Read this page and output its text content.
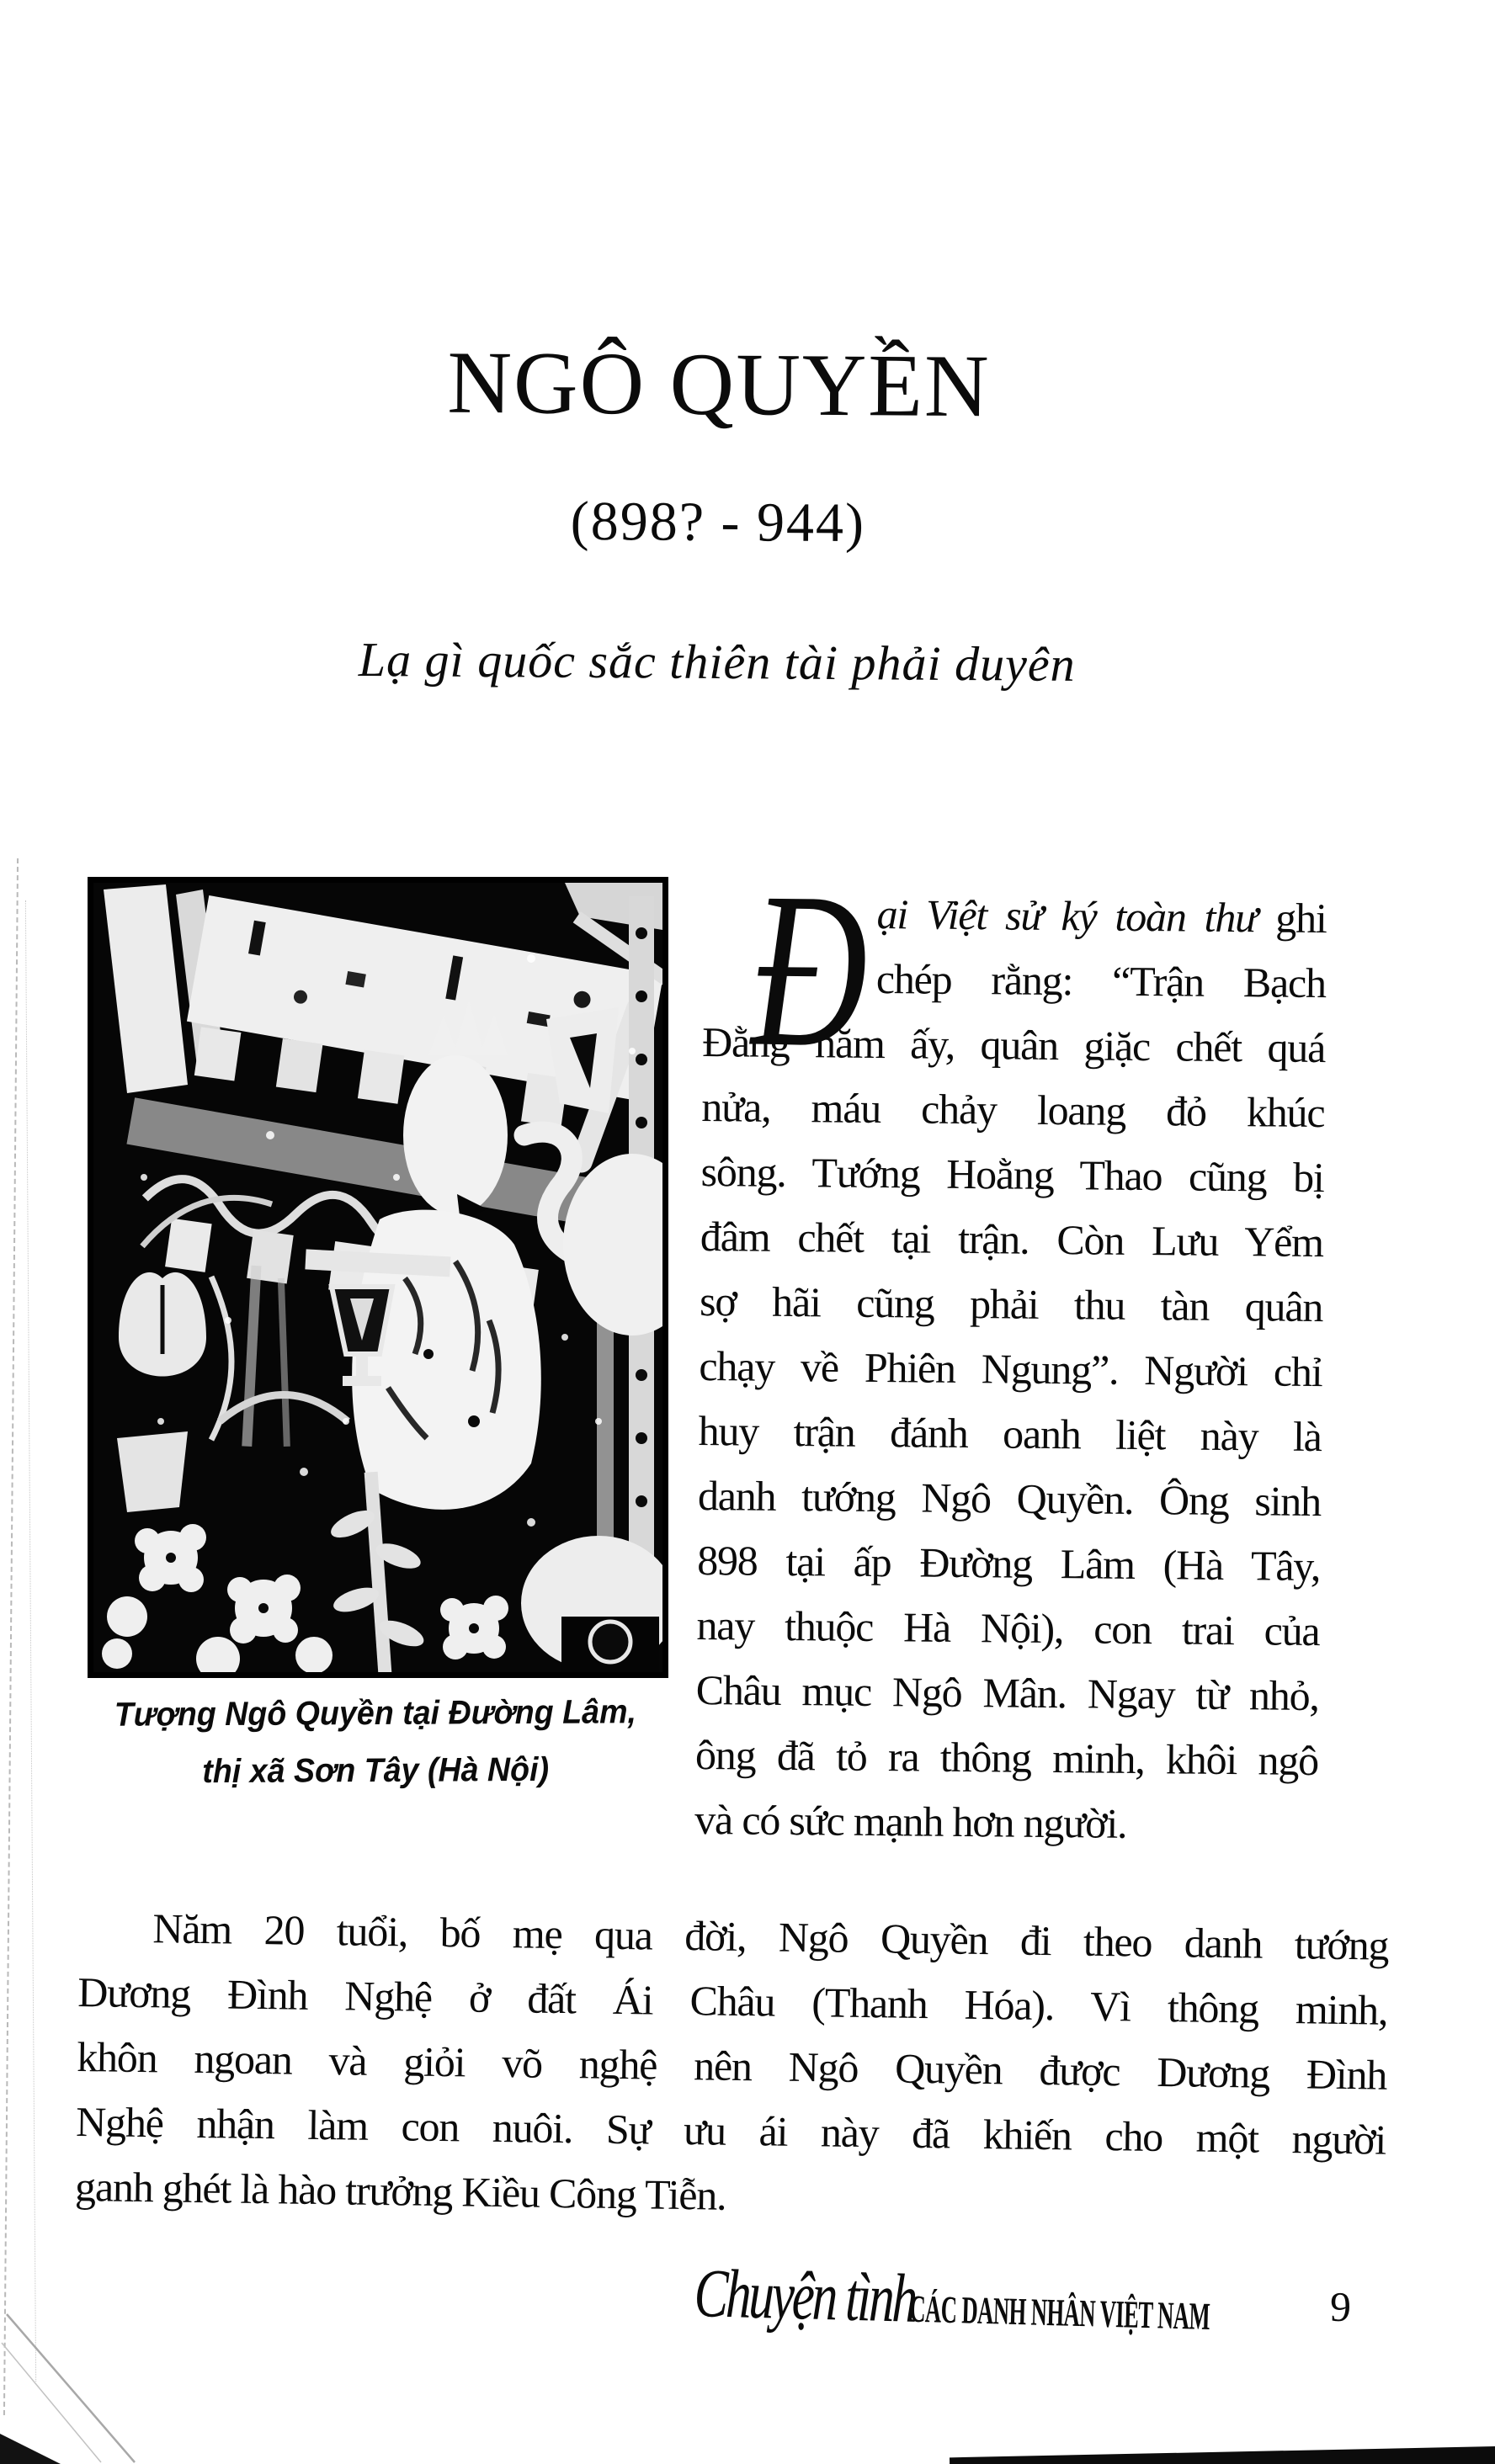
NGÔ QUYỀN
(898? - 944)
Lạ gì quốc sắc thiên tài phải duyên
Tượng Ngô Quyền tại Đường Lâm,
thị xã Sơn Tây (Hà Nội)
Đ ại Việt sử ký toàn thư ghi
chép rằng: “Trận Bạch
Đằng năm ấy, quân giặc chết quá
nửa, máu chảy loang đỏ khúc
sông. Tướng Hoằng Thao cũng bị
đâm chết tại trận. Còn Lưu Yểm
sợ hãi cũng phải thu tàn quân
chạy về Phiên Ngung”. Người chỉ
huy trận đánh oanh liệt này là
danh tướng Ngô Quyền. Ông sinh
898 tại ấp Đường Lâm (Hà Tây,
nay thuộc Hà Nội), con trai của
Châu mục Ngô Mân. Ngay từ nhỏ,
ông đã tỏ ra thông minh, khôi ngô
và có sức mạnh hơn người.
Năm 20 tuổi, bố mẹ qua đời, Ngô Quyền đi theo danh tướng
Dương Đình Nghệ ở đất Ái Châu (Thanh Hóa). Vì thông minh,
khôn ngoan và giỏi võ nghệ nên Ngô Quyền được Dương Đình
Nghệ nhận làm con nuôi. Sự ưu ái này đã khiến cho một người
ganh ghét là hào trưởng Kiều Công Tiễn.
Chuyện tình
CÁC DANH NHÂN VIỆT NAM	9
